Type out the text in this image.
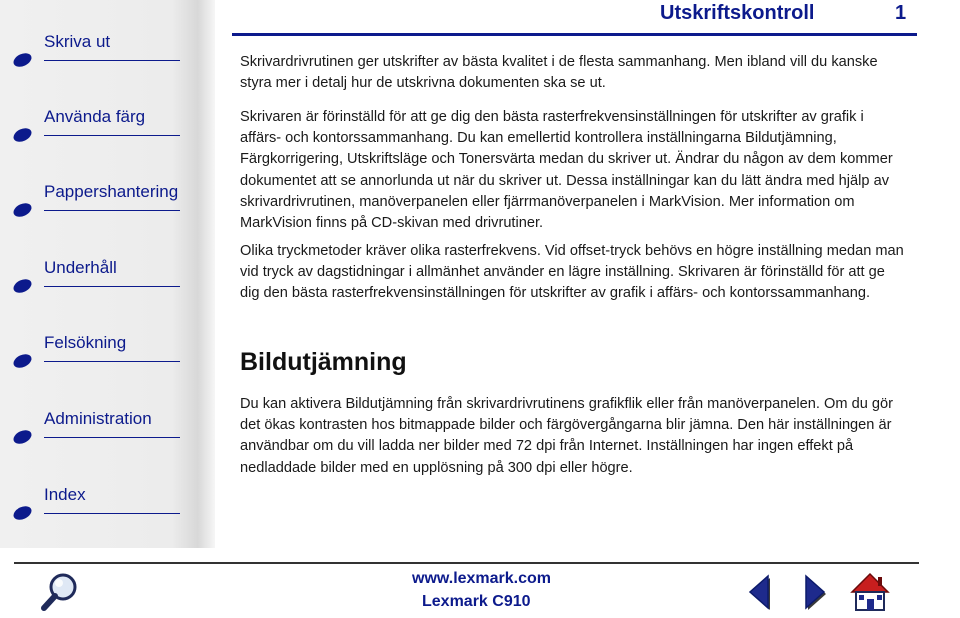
Skriva ut
Använda färg
Pappershantering
Underhåll
Felsökning
Administration
Index
Utskriftskontroll	1

Skrivardrivrutinen ger utskrifter av bästa kvalitet i de flesta sammanhang. Men ibland vill du kanske styra mer i detalj hur de utskrivna dokumenten ska se ut.

Skrivaren är förinställd för att ge dig den bästa rasterfrekvensinställningen för utskrifter av grafik i affärs- och kontorssammanhang. Du kan emellertid kontrollera inställningarna Bildutjämning, Färgkorrigering, Utskriftsläge och Tonersvärta medan du skriver ut. Ändrar du någon av dem kommer dokumentet att se annorlunda ut när du skriver ut. Dessa inställningar kan du lätt ändra med hjälp av skrivardrivrutinen, manöverpanelen eller fjärrmanöverpanelen i MarkVision. Mer information om MarkVision finns på CD-skivan med drivrutiner.

Olika tryckmetoder kräver olika rasterfrekvens. Vid offset-tryck behövs en högre inställning medan man vid tryck av dagstidningar i allmänhet använder en lägre inställning. Skrivaren är förinställd för att ge dig den bästa rasterfrekvensinställningen för utskrifter av grafik i affärs- och kontorssammanhang.

Bildutjämning

Du kan aktivera Bildutjämning från skrivardrivrutinens grafikflik eller från manöverpanelen. Om du gör det ökas kontrasten hos bitmappade bilder och färgövergångarna blir jämna. Den här inställningen är användbar om du vill ladda ner bilder med 72 dpi från Internet. Inställningen har ingen effekt på nedladdade bilder med en upplösning på 300 dpi eller högre.

www.lexmark.com
Lexmark C910
